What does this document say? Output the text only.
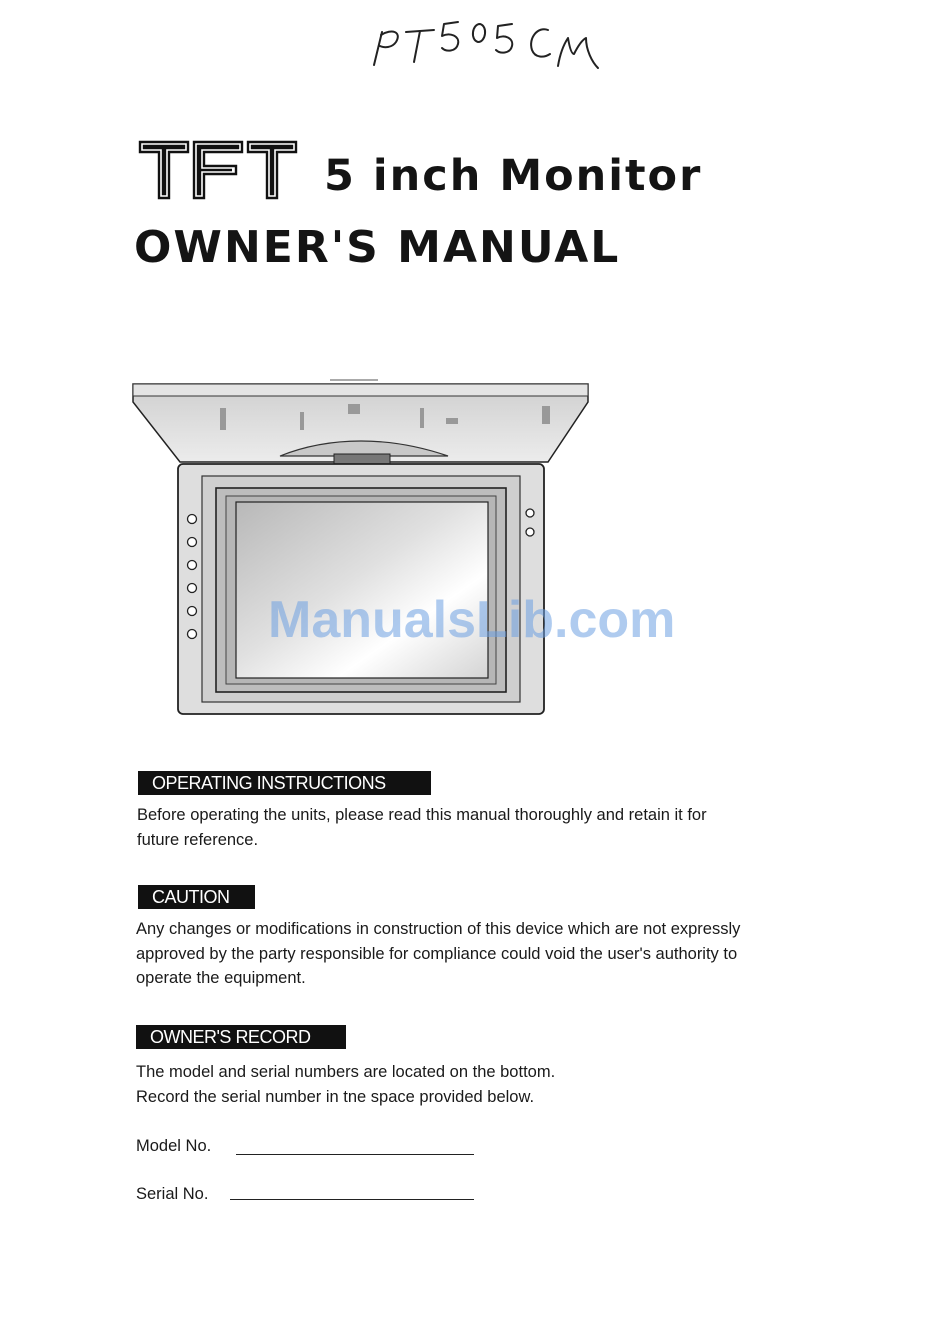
5 inch Monitor
OWNER'S MANUAL
ManualsLib.com
OPERATING INSTRUCTIONS
Before operating the units, please read this manual thoroughly and retain it for
future reference.
CAUTION
Any changes or modifications in construction of this device which are not expressly
approved by the party responsible for compliance could void the user's authority to
operate the equipment.
OWNER'S RECORD
The model and serial numbers are located on the bottom.
Record the serial number in tne space provided below.
Model No.
Serial No.
